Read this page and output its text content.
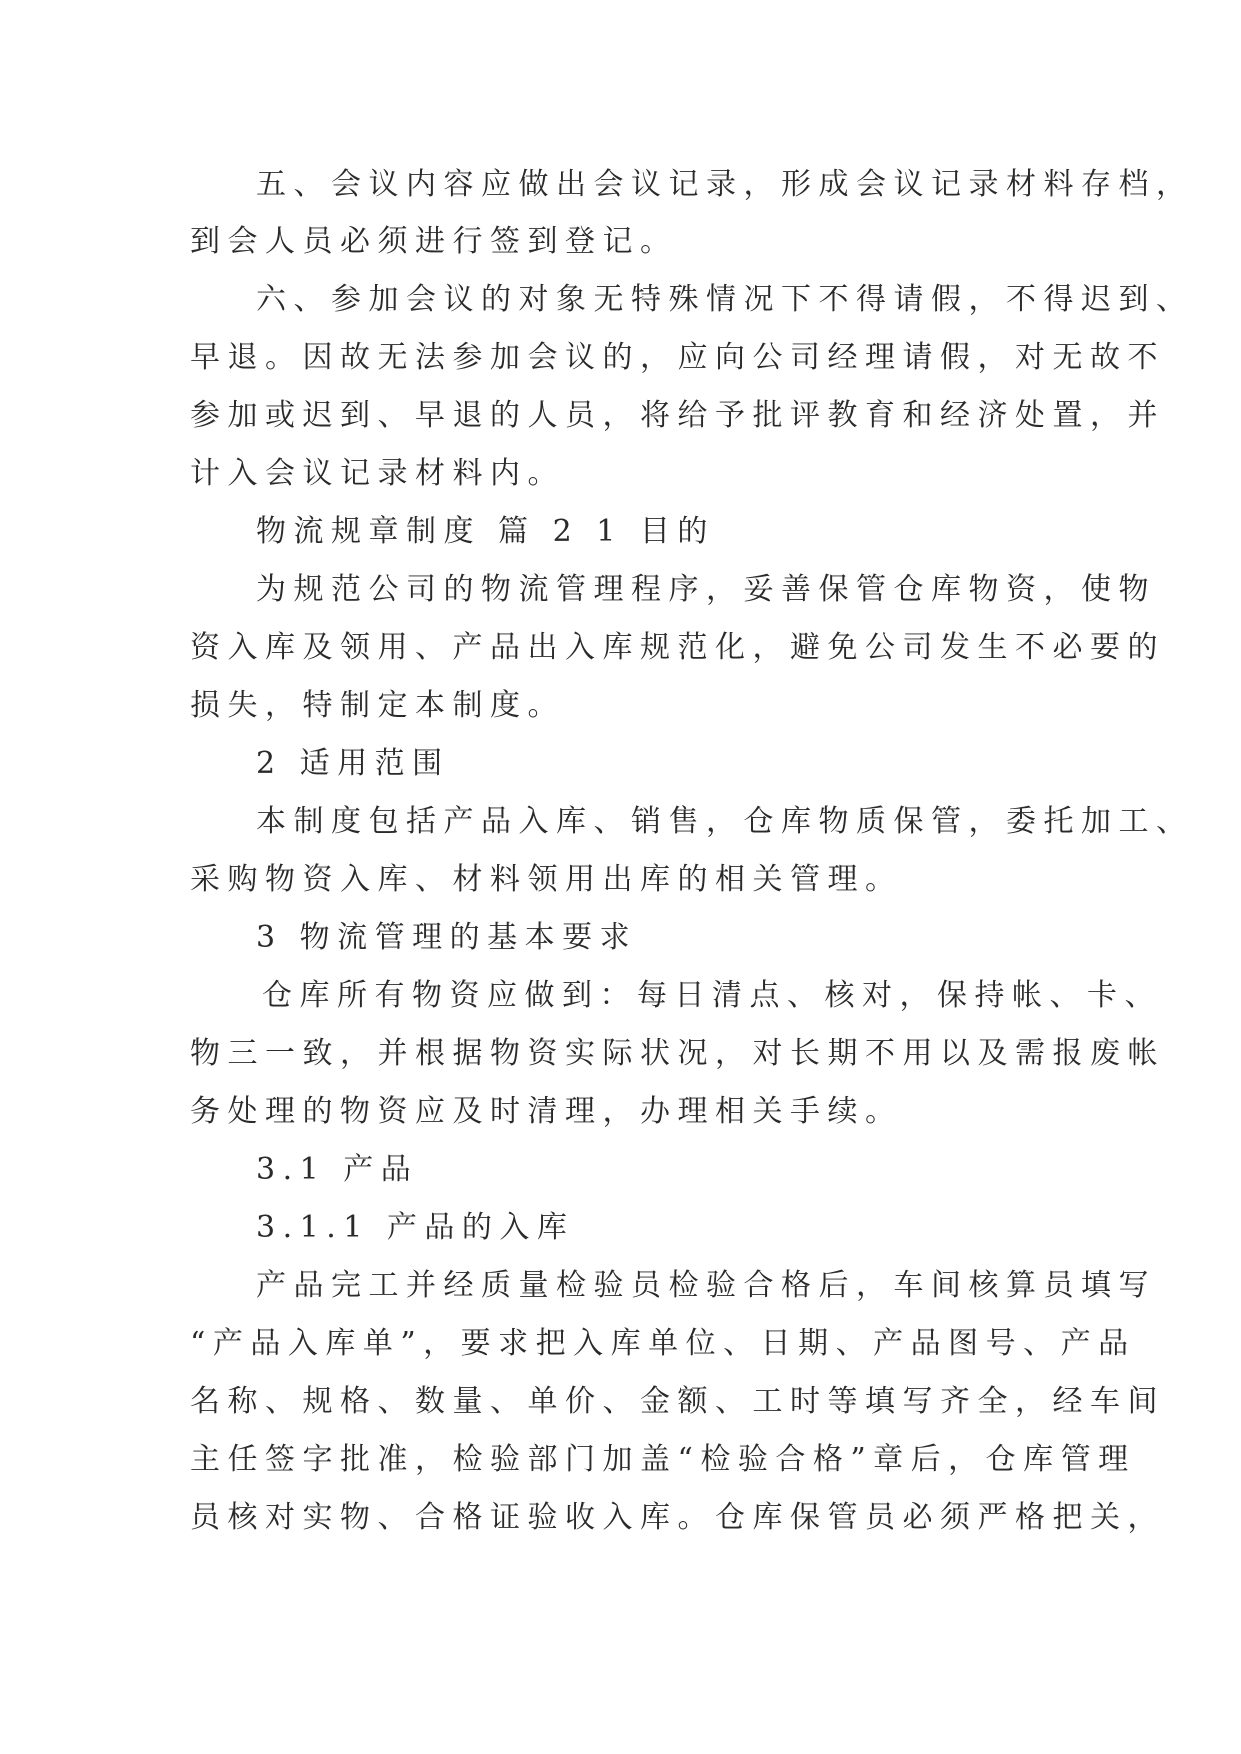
五、会议内容应做出会议记录，形成会议记录材料存档，
到会人员必须进行签到登记。
六、参加会议的对象无特殊情况下不得请假，不得迟到、
早退。因故无法参加会议的，应向公司经理请假，对无故不
参加或迟到、早退的人员，将给予批评教育和经济处置，并
计入会议记录材料内。
物流规章制度 篇 2 1 目的
为规范公司的物流管理程序，妥善保管仓库物资，使物
资入库及领用、产品出入库规范化，避免公司发生不必要的
损失，特制定本制度。
2 适用范围
本制度包括产品入库、销售，仓库物质保管，委托加工、
采购物资入库、材料领用出库的相关管理。
3 物流管理的基本要求
仓库所有物资应做到：每日清点、核对，保持帐、卡、
物三一致，并根据物资实际状况，对长期不用以及需报废帐
务处理的物资应及时清理，办理相关手续。
3.1 产品
3.1.1 产品的入库
产品完工并经质量检验员检验合格后，车间核算员填写
“产品入库单”，要求把入库单位、日期、产品图号、产品
名称、规格、数量、单价、金额、工时等填写齐全，经车间
主任签字批准，检验部门加盖“检验合格”章后，仓库管理
员核对实物、合格证验收入库。仓库保管员必须严格把关，
